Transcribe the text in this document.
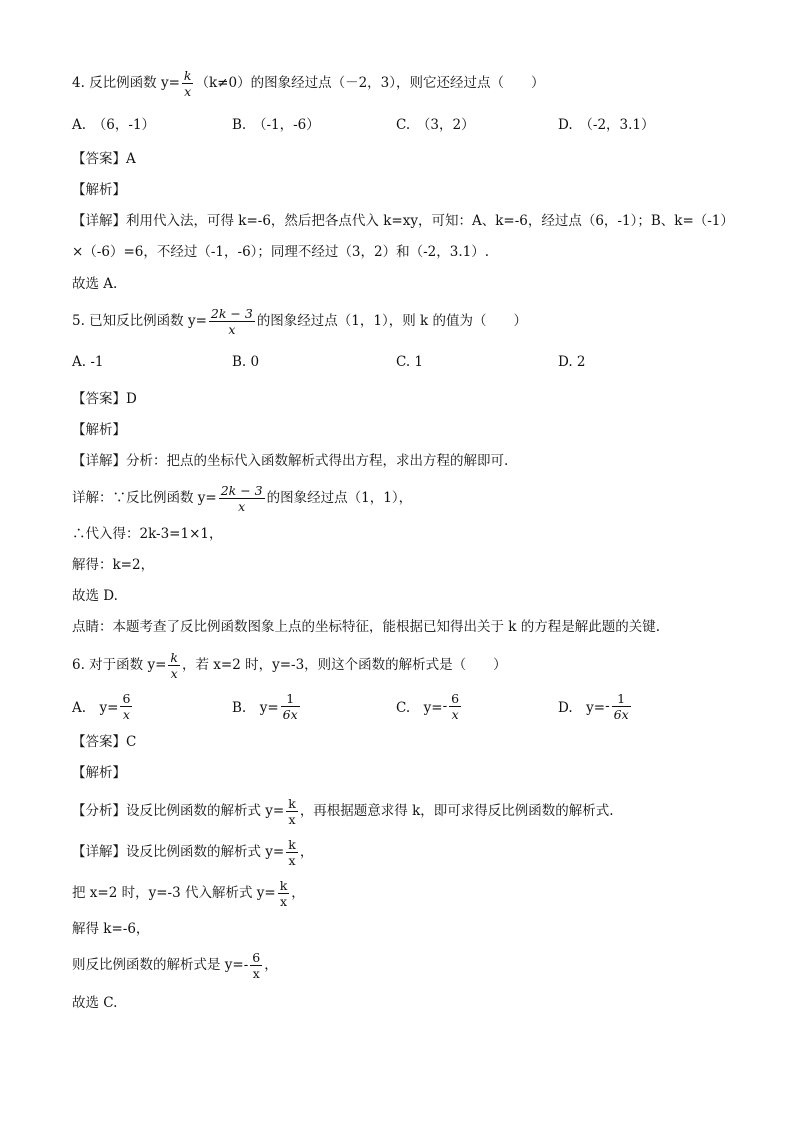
4. 反比例函数 $y= \frac{k}{x} (k\ne 0)$的图象经过点（－2，3），则它还经过点（　　）
A.　（6，-1）	B.　（-1，-6）	C.　（3，2）	D.　（-2，3.1）
【答案】A
【解析】
【详解】利用代入法，可得 k=-6，然后把各点代入 k=xy，可知：A、k=-6，经过点（6，-1）；B、k=（-1）
×（-6）=6，不经过（-1，-6）；同理不经过（3，2）和（-2，3.1）.
故选 A.
5. 已知反比例函数 $y= \frac{2k - 3}{x}$ 的图象经过点（1，1），则 k 的值为（　　）
A. -1	B. 0	C. 1	D. 2
【答案】D
【解析】
【详解】分析：把点的坐标代入函数解析式得出方程，求出方程的解即可.
详解：∵反比例函数 $y= \frac{2k - 3}{x}$ 的图象经过点（1，1），
∴代入得：2k-3=1×1，
解得：k=2，
故选 D.
点睛：本题考查了反比例函数图象上点的坐标特征，能根据已知得出关于 k 的方程是解此题的关键.
6. 对于函数 $y= \frac{k}{x}$ ，若 x=2 时，y=-3，则这个函数的解析式是（　　）
A.　$y= \frac{6}{x}$	B.　$y= \frac{1}{6x}$	C.　$y= - \frac{6}{x}$	D.　$y= - \frac{1}{6x}$
【答案】C
【解析】
【分析】设反比例函数的解析式 $y= \frac{k}{x}$ ，再根据题意求得 k，即可求得反比例函数的解析式.
【详解】设反比例函数的解析式 $y= \frac{k}{x}$ ，
把 x=2 时，y=-3 代入解析式 $y= \frac{k}{x}$ ，
解得 k=-6，
则反比例函数的解析式是 $y=- \frac{6}{x}$ ，
故选 C.
